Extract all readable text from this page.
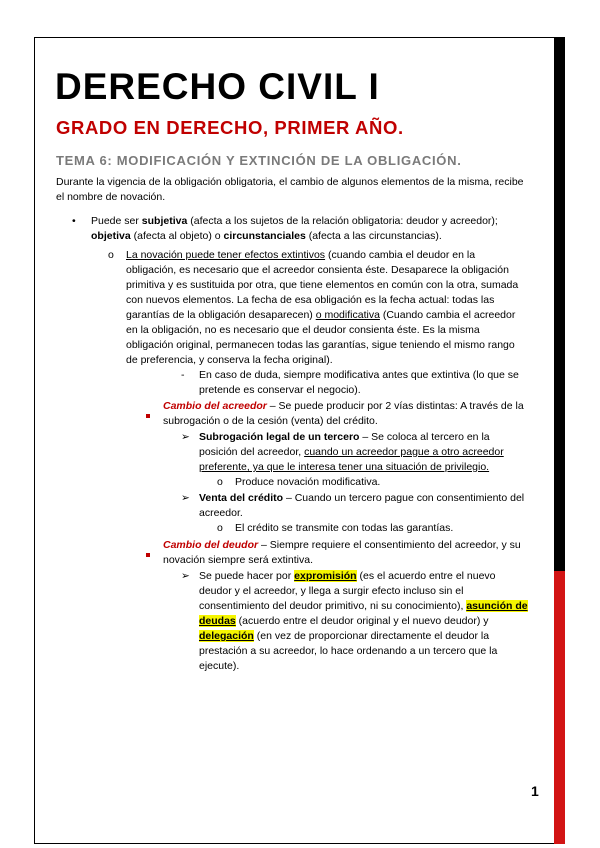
DERECHO CIVIL I
GRADO EN DERECHO, PRIMER AÑO.
TEMA 6: MODIFICACIÓN Y EXTINCIÓN DE LA OBLIGACIÓN.
Durante la vigencia de la obligación obligatoria, el cambio de algunos elementos de la misma, recibe
el nombre de novación.
• Puede ser subjetiva (afecta a los sujetos de la relación obligatoria: deudor y acreedor);
objetiva (afecta al objeto) o circunstanciales (afecta a las circunstancias).
o La novación puede tener efectos extintivos (cuando cambia el deudor en la
obligación, es necesario que el acreedor consienta éste. Desaparece la obligación
primitiva y es sustituida por otra, que tiene elementos en común con la otra, sumada
con nuevos elementos. La fecha de esa obligación es la fecha actual: todas las
garantías de la obligación desaparecen) o modificativa (Cuando cambia el acreedor
en la obligación, no es necesario que el deudor consienta éste. Es la misma
obligación original, permanecen todas las garantías, sigue teniendo el mismo rango
de preferencia, y conserva la fecha original).
- En caso de duda, siempre modificativa antes que extintiva (lo que se
pretende es conservar el negocio).
Cambio del acreedor – Se puede producir por 2 vías distintas: A través de la
subrogación o de la cesión (venta) del crédito.
➢ Subrogación legal de un tercero – Se coloca al tercero en la
posición del acreedor, cuando un acreedor pague a otro acreedor
preferente, ya que le interesa tener una situación de privilegio.
o Produce novación modificativa.
➢ Venta del crédito – Cuando un tercero pague con consentimiento del
acreedor.
o El crédito se transmite con todas las garantías.
Cambio del deudor – Siempre requiere el consentimiento del acreedor, y su
novación siempre será extintiva.
➢ Se puede hacer por expromisión (es el acuerdo entre el nuevo
deudor y el acreedor, y llega a surgir efecto incluso sin el
consentimiento del deudor primitivo, ni su conocimiento), asunción de
deudas (acuerdo entre el deudor original y el nuevo deudor) y
delegación (en vez de proporcionar directamente el deudor la
prestación a su acreedor, lo hace ordenando a un tercero que la
ejecute).
1
